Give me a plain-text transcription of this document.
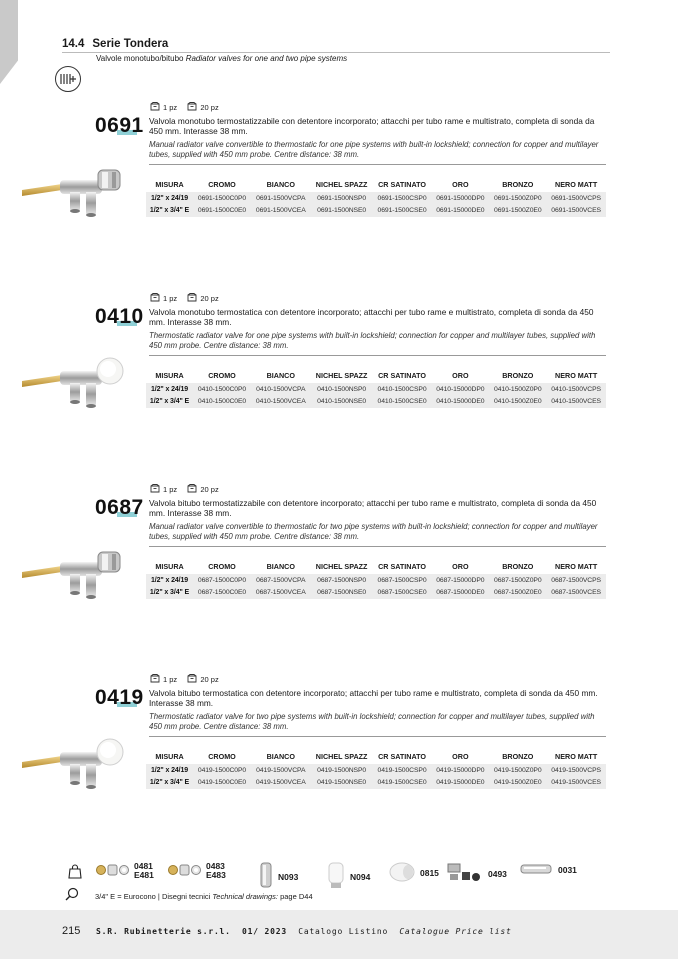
14.4 Serie Tondera
Valvole monotubo/bitubo Radiator valves for one and two pipe systems
1 pz
	20 pz
0691 Valvola monotubo termostatizzabile con detentore incorporato; attacchi per tubo rame e multistrato, completa di sonda da 450 mm. Interasse 38 mm.
Manual radiator valve convertible to thermostatic for one pipe systems with built-in lockshield; connection for copper and multilayer tubes, supplied with 450 mm probe. Centre distance: 38 mm.
MISURA	CROMO	BIANCO	NICHEL SPAZZ	CR SATINATO	ORO	BRONZO	NERO MATT
1/2" x 24/19	0691-1500C0P0	0691-1500VCPA	0691-1500NSP0	0691-1500CSP0	0691-15000DP0	0691-1500Z0P0	0691-1500VCPS
1/2" x 3/4" E	0691-1500C0E0	0691-1500VCEA	0691-1500NSE0	0691-1500CSE0	0691-15000DE0	0691-1500Z0E0	0691-1500VCES
1 pz
	20 pz
0410 Valvola monotubo termostatica con detentore incorporato; attacchi per tubo rame e multistrato, completa di sonda da 450 mm. Interasse 38 mm.
Thermostatic radiator valve for one pipe systems with built-in lockshield; connection for copper and multilayer tubes, supplied with 450 mm probe. Centre distance: 38 mm.
MISURA	CROMO	BIANCO	NICHEL SPAZZ	CR SATINATO	ORO	BRONZO	NERO MATT
1/2" x 24/19	0410-1500C0P0	0410-1500VCPA	0410-1500NSP0	0410-1500CSP0	0410-15000DP0	0410-1500Z0P0	0410-1500VCPS
1/2" x 3/4" E	0410-1500C0E0	0410-1500VCEA	0410-1500NSE0	0410-1500CSE0	0410-15000DE0	0410-1500Z0E0	0410-1500VCES
1 pz
	20 pz
0687 Valvola bitubo termostatizzabile con detentore incorporato; attacchi per tubo rame e multistrato, completa di sonda da 450 mm. Interasse 38 mm.
Manual radiator valve convertible to thermostatic for two pipe systems with built-in lockshield; connection for copper and multilayer tubes, supplied with 450 mm probe. Centre distance: 38 mm.
MISURA	CROMO	BIANCO	NICHEL SPAZZ	CR SATINATO	ORO	BRONZO	NERO MATT
1/2" x 24/19	0687-1500C0P0	0687-1500VCPA	0687-1500NSP0	0687-1500CSP0	0687-15000DP0	0687-1500Z0P0	0687-1500VCPS
1/2" x 3/4" E	0687-1500C0E0	0687-1500VCEA	0687-1500NSE0	0687-1500CSE0	0687-15000DE0	0687-1500Z0E0	0687-1500VCES
1 pz
	20 pz
0419 Valvola bitubo termostatica con detentore incorporato; attacchi per tubo rame e multistrato, completa di sonda da 450 mm. Interasse 38 mm.
Thermostatic radiator valve for two pipe systems with built-in lockshield; connection for copper and multilayer tubes, supplied with 450 mm probe. Centre distance: 38 mm.
MISURA	CROMO	BIANCO	NICHEL SPAZZ	CR SATINATO	ORO	BRONZO	NERO MATT
1/2" x 24/19	0419-1500C0P0	0419-1500VCPA	0419-1500NSP0	0419-1500CSP0	0419-15000DP0	0419-1500Z0P0	0419-1500VCPS
1/2" x 3/4" E	0419-1500C0E0	0419-1500VCEA	0419-1500NSE0	0419-1500CSE0	0419-15000DE0	0419-1500Z0E0	0419-1500VCES
0481
E481
0483
E483	N093	N094	0815	0493	0031
3/4" E = Eurocono | Disegni tecnici Technical drawings: page D44
215 S.R. Rubinetterie s.r.l. 01/ 2023 Catalogo Listino Catalogue Price list
